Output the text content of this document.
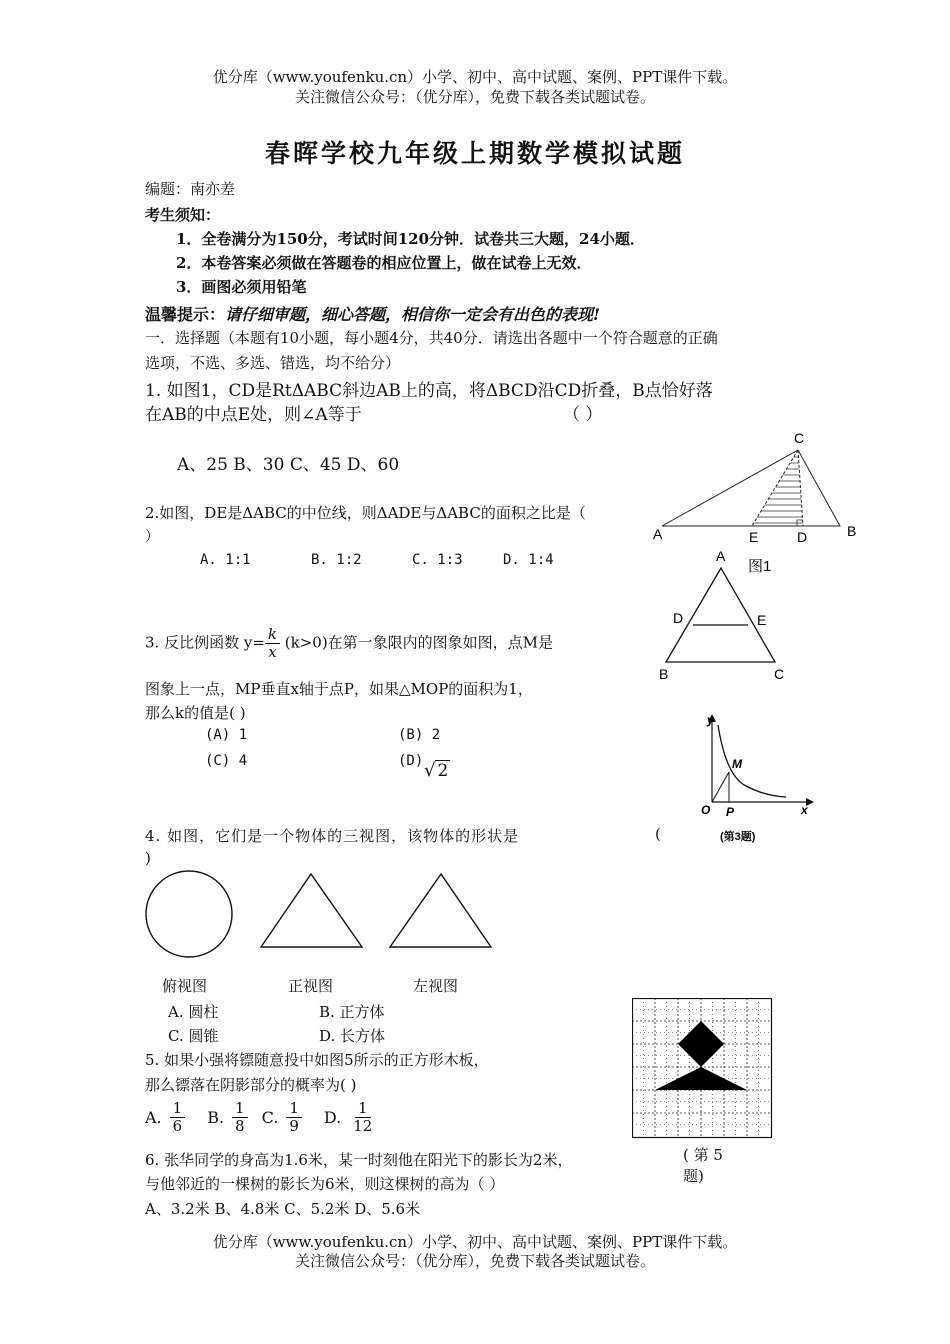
优分库（www.youfenku.cn）小学、初中、高中试题、案例、PPT课件下载。
关注微信公众号：（优分库），免费下载各类试题试卷。
春晖学校九年级上期数学模拟试题
编题：南亦差
考生须知：
1．全卷满分为150分，考试时间120分钟．试卷共三大题，24小题．
2．本卷答案必须做在答题卷的相应位置上，做在试卷上无效．
3．画图必须用铅笔
温馨提示：请仔细审题，细心答题，相信你一定会有出色的表现!
一．选择题（本题有10小题，每小题4分，共40分．请选出各题中一个符合题意的正确
选项，不选、多选、错选，均不给分）
1. 如图1，CD是RtΔABC斜边AB上的高，将ΔBCD沿CD折叠，B点恰好落
在AB的中点E处，则∠A等于	（ ）
A、25 B、30 C、45 D、60
C
A	E	D	B
图1
2.如图，DE是ΔABC的中位线，则ΔADE与ΔABC的面积之比是（
）
A. 1:1	B. 1:2	C. 1:3	D. 1:4	A
D	E
B	C
3. 反比例函数 $y= \frac{k}{x} (k>0)$在第一象限内的图象如图，点M是
图象上一点，MP垂直x轴于点P，如果△MOP的面积为1，
那么k的值是( )
(A) 1	(B) 2
(C) 4	(D) √ 2
y
x
O P
M
(第3题)
4. 如图，它们是一个物体的三视图，该物体的形状是	(
)
俯视图	正视图	左视图
A. 圆柱	B. 正方体
C. 圆锥	D. 长方体
( 第 5
题)
5. 如果小强将镖随意投中如图5所示的正方形木板，
那么镖落在阴影部分的概率为( )
A. $\frac{1}{6} B$. $\frac{1}{8} C$. $\frac{1}{9} D$. $\frac{1}{12}$
6. 张华同学的身高为1.6米，某一时刻他在阳光下的影长为2米，
与他邻近的一棵树的影长为6米，则这棵树的高为（ ）
A、3.2米 B、4.8米 C、5.2米 D、5.6米
优分库（www.youfenku.cn）小学、初中、高中试题、案例、PPT课件下载。
关注微信公众号：（优分库），免费下载各类试题试卷。
